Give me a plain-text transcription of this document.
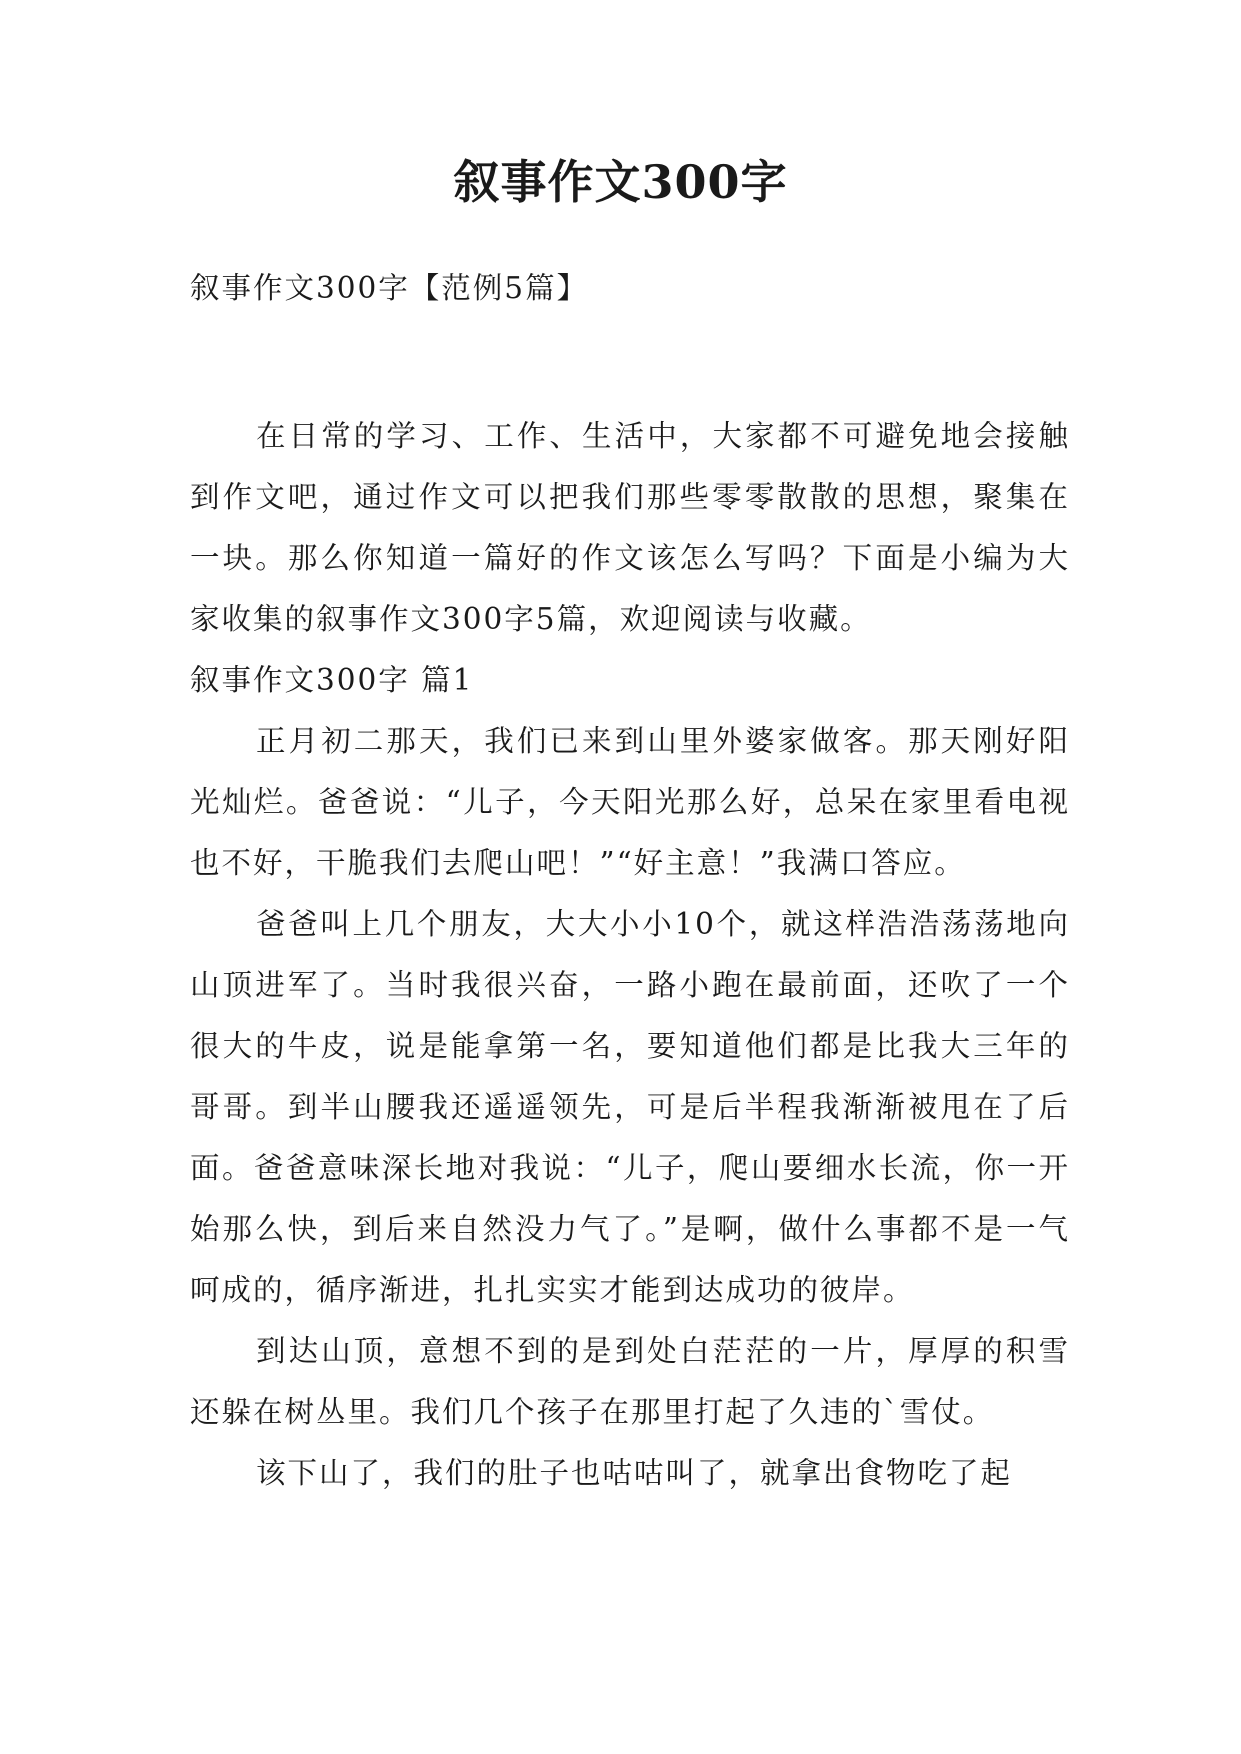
叙事作文300字

叙事作文300字【范例5篇】

在日常的学习、工作、生活中，大家都不可避免地会接触到作文吧，通过作文可以把我们那些零零散散的思想，聚集在一块。那么你知道一篇好的作文该怎么写吗？下面是小编为大家收集的叙事作文300字5篇，欢迎阅读与收藏。

叙事作文300字 篇1

正月初二那天，我们已来到山里外婆家做客。那天刚好阳光灿烂。爸爸说：“儿子，今天阳光那么好，总呆在家里看电视也不好，干脆我们去爬山吧！”“好主意！”我满口答应。

爸爸叫上几个朋友，大大小小10个，就这样浩浩荡荡地向山顶进军了。当时我很兴奋，一路小跑在最前面，还吹了一个很大的牛皮，说是能拿第一名，要知道他们都是比我大三年的哥哥。到半山腰我还遥遥领先，可是后半程我渐渐被甩在了后面。爸爸意味深长地对我说：“儿子，爬山要细水长流，你一开始那么快，到后来自然没力气了。”是啊，做什么事都不是一气呵成的，循序渐进，扎扎实实才能到达成功的彼岸。

到达山顶，意想不到的是到处白茫茫的一片，厚厚的积雪还躲在树丛里。我们几个孩子在那里打起了久违的`雪仗。

该下山了，我们的肚子也咕咕叫了，就拿出食物吃了起
